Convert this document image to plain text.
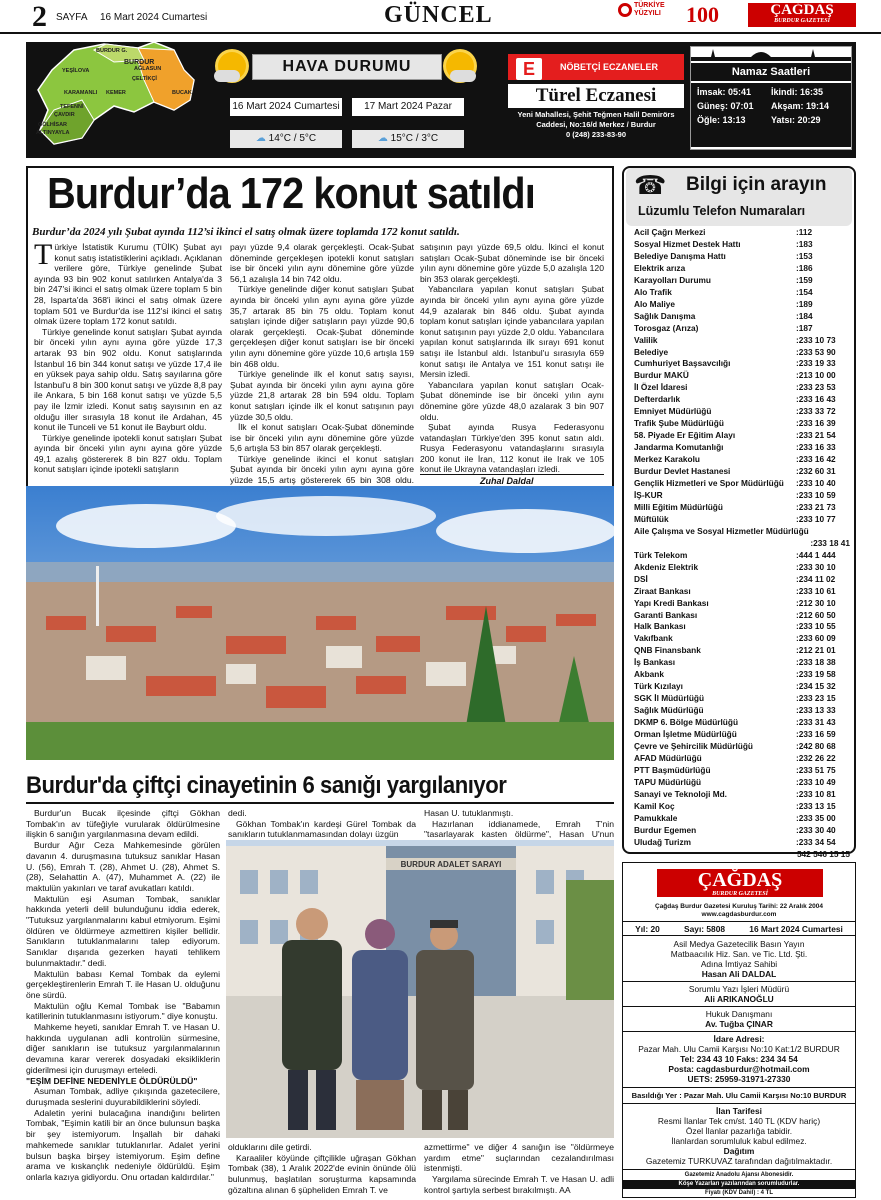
2 SAYFA 16 Mart 2024 Cumartesi	GÜNCEL	TÜRKİYE YÜZYILI	100	ÇAĞDAŞ
BURDUR GAZETESİ
BURDUR G.
YEŞİLOVA
BURDUR
AĞLASUN
ÇELTİKÇİ
KARAMANLI KEMER	BUCAK
TEFENNİ
ÇAVDIR
GÖLHİSAR
ALTINYAYLA
HAVA DURUMU
16 Mart 2024 Cumartesi	17 Mart 2024 Pazar
☁ 14°C / 5°C	☁ 15°C / 3°C
E	NÖBETÇİ ECZANELER
Türel Eczanesi
Yeni Mahallesi, Şehit Teğmen Halil Demirörs
Caddesi, No:16/d Merkez / Burdur
0 (248) 233-83-90
Namaz Saatleri
İmsak: 05:41 İkindi: 16:35
Güneş: 07:01 Akşam: 19:14
Öğle: 13:13	Yatsı: 20:29
Burdur’da 172 konut satıldı
Burdur’da 2024 yılı Şubat ayında 112’si ikinci el satış olmak üzere toplamda 172 konut satıldı.

Türkiye İstatistik Kurumu (TÜİK) Şubat ayı konut satış istatistiklerini açıkladı. Açıklanan verilere göre, Türkiye genelinde Şubat ayında 93 bin 902 konut satılırken Antalya'da 3 bin 247'si ikinci el satış olmak üzere toplam 5 bin 28, Isparta'da 368'i ikinci el satış olmak üzere toplam 501 ve Burdur'da ise 112'si ikinci el satış olmak üzere toplam 172 konut satıldı.

Türkiye genelinde konut satışları Şubat ayında bir önceki yılın aynı ayına göre yüzde 17,3 artarak 93 bin 902 oldu. Konut satışlarında İstanbul 16 bin 344 konut satışı ve yüzde 17,4 ile en yüksek paya sahip oldu. Satış sayılarına göre İstanbul'u 8 bin 300 konut satışı ve yüzde 8,8 pay ile Ankara, 5 bin 168 konut satışı ve yüzde 5,5 pay ile İzmir izledi. Konut satış sayısının en az olduğu iller sırasıyla 18 konut ile Ardahan, 45 konut ile Tunceli ve 51 konut ile Bayburt oldu.

Türkiye genelinde ipotekli konut satışları Şubat ayında bir önceki yılın aynı ayına göre yüzde 49,1 azalış göstererek 8 bin 827 oldu. Toplam konut satışları içinde ipotekli satışların

payı yüzde 9,4 olarak gerçekleşti. Ocak-Şubat döneminde gerçekleşen ipotekli konut satışları ise bir önceki yılın aynı dönemine göre yüzde 56,1 azalışla 14 bin 742 oldu.

Türkiye genelinde diğer konut satışları Şubat ayında bir önceki yılın aynı ayına göre yüzde 35,7 artarak 85 bin 75 oldu. Toplam konut satışları içinde diğer satışların payı yüzde 90,6 olarak gerçekleşti. Ocak-Şubat döneminde gerçekleşen diğer konut satışları ise bir önceki yılın aynı dönemine göre yüzde 10,6 artışla 159 bin 468 oldu.

Türkiye genelinde ilk el konut satış sayısı, Şubat ayında bir önceki yılın aynı ayına göre yüzde 21,8 artarak 28 bin 594 oldu. Toplam konut satışları içinde ilk el konut satışının payı yüzde 30,5 oldu.

İlk el konut satışları Ocak-Şubat döneminde ise bir önceki yılın aynı dönemine göre yüzde 5,6 artışla 53 bin 857 olarak gerçekleşti.

Türkiye genelinde ikinci el konut satışları Şubat ayında bir önceki yılın aynı ayına göre yüzde 15,5 artış göstererek 65 bin 308 oldu.

satışının payı yüzde 69,5 oldu. İkinci el konut satışları Ocak-Şubat döneminde ise bir önceki yılın aynı dönemine göre yüzde 5,0 azalışla 120 bin 353 olarak gerçekleşti.

Yabancılara yapılan konut satışları Şubat ayında bir önceki yılın aynı ayına göre yüzde 44,9 azalarak bin 846 oldu. Şubat ayında toplam konut satışları içinde yabancılara yapılan konut satışının payı yüzde 2,0 oldu. Yabancılara yapılan konut satışlarında ilk sırayı 691 konut satışı ile İstanbul aldı. İstanbul'u sırasıyla 659 konut satışı ile Antalya ve 151 konut satışı ile Mersin izledi.

Yabancılara yapılan konut satışları Ocak-Şubat döneminde ise bir önceki yılın aynı dönemine göre yüzde 48,0 azalarak 3 bin 907 oldu.

Şubat ayında Rusya Federasyonu vatandaşları Türkiye'den 395 konut satın aldı. Rusya Federasyonu vatandaşlarını sırasıyla 200 konut ile İran, 112 konut ile Irak ve 105 konut ile Ukrayna vatandaşları izledi.

Zuhal Daldal
Burdur'da çiftçi cinayetinin 6 sanığı yargılanıyor

Burdur'un Bucak ilçesinde çiftçi Gökhan Tombak'ın av tüfeğiyle vurularak öldürülmesine ilişkin 6 sanığın yargılanmasına devam edildi.

Burdur Ağır Ceza Mahkemesinde görülen davanın 4. duruşmasına tutuksuz sanıklar Hasan U. (56), Emrah T. (28), Ahmet U. (28), Ahmet S. (28), Selahattin A. (47), Muhammet A. (22) ile maktulün yakınları ve taraf avukatları katıldı.

Maktulün eşi Asuman Tombak, sanıklar hakkında yeterli delil bulunduğunu iddia ederek, "Tutuksuz yargılanmalarını kabul etmiyorum. Eşimi öldüren ve öldürmeye azmettiren kişiler bellidir. Sanıkların tutuklanmalarını talep ediyorum. Sanıklar dışarıda gezerken hayati tehlikem bulunmaktadır." dedi.

Maktulün babası Kemal Tombak da eylemi gerçekleştirenlerin Emrah T. ile Hasan U. olduğunu öne sürdü.

Maktulün oğlu Kemal Tombak ise "Babamın katillerinin tutuklanmasını istiyorum." diye konuştu.

Mahkeme heyeti, sanıklar Emrah T. ve Hasan U. hakkında uygulanan adli kontrolün sürmesine, diğer sanıkların ise tutuksuz yargılanmalarının devamına karar vererek dosyadaki eksikliklerin giderilmesi için duruşmayı erteledi.

"EŞİM DEFİNE NEDENİYLE ÖLDÜRÜLDÜ"

Asuman Tombak, adliye çıkışında gazetecilere, duruşmada seslerini duyurabildiklerini söyledi.

Adaletin yerini bulacağına inandığını belirten Tombak, "Eşimin katili bir an önce bulunsun başka bir şey istemiyorum. İnşallah bir dahaki mahkemede sanıklar tutuklanırlar. Adalet yerini bulsun başka birşey istemiyorum. Eşim define arama ve kıskançlık nedeniyle öldürüldü. Eşim onlarla kazıya gidiyordu. Onu ortadan kaldırdılar."

dedi.

Gökhan Tombak'ın kardeşi Gürel Tombak da sanıkların tutuklanmamasından dolayı üzgün

Hasan U. tutuklanmıştı.

Hazırlanan iddianamede, Emrah T'nin "tasarlayarak kasten öldürme", Hasan U'nun

BURDUR ADALET SARAYI

olduklarını dile getirdi.

Karaaliler köyünde çiftçilikle uğraşan Gökhan Tombak (38), 1 Aralık 2022'de evinin önünde ölü bulunmuş, başlatılan soruşturma kapsamında gözaltına alınan 6 şüpheliden Emrah T. ve

azmettirme" ve diğer 4 sanığın ise "öldürmeye yardım etme" suçlarından cezalandırılması istenmişti.

Yargılama sürecinde Emrah T. ve Hasan U. adli kontrol şartıyla serbest bırakılmıştı. AA

☎	Bilgi için arayın
Lüzumlu Telefon Numaraları
Acil Çağrı Merkezi	:112
Sosyal Hizmet Destek Hattı	:183
Belediye Danışma Hattı	:153
Elektrik arıza	:186
Karayolları Durumu	:159
Alo Trafik	:154
Alo Maliye	:189
Sağlık Danışma	:184
Torosgaz (Arıza)	:187
Valilik	:233 10 73
Belediye	:233 53 90
Cumhuriyet Başsavcılığı	:233 19 33
Burdur MAKÜ	:213 10 00
İl Özel İdaresi	:233 23 53
Defterdarlık	:233 16 43
Emniyet Müdürlüğü	:233 33 72
Trafik Şube Müdürlüğü	:233 16 39
58. Piyade Er Eğitim Alayı	:233 21 54
Jandarma Komutanlığı	:233 16 33
Merkez Karakolu	:233 16 42
Burdur Devlet Hastanesi	:232 60 31
Gençlik Hizmetleri ve Spor Müdürlüğü	:233 10 40
İŞ-KUR	:233 10 59
Milli Eğitim Müdürlüğü	:233 21 73
Müftülük	:233 10 77
Aile Çalışma ve Sosyal Hizmetler Müdürlüğü
:233 18 41
Türk Telekom	:444 1 444
Akdeniz Elektrik	:233 30 10
DSİ	:234 11 02
Ziraat Bankası	:233 10 61
Yapı Kredi Bankası	:212 30 10
Garanti Bankası	:212 60 50
Halk Bankası	:233 10 55
Vakıfbank	:233 60 09
QNB Finansbank	:212 21 01
İş Bankası	:233 18 38
Akbank	:233 19 58
Türk Kızılayı	:234 15 32
SGK İl Müdürlüğü	:233 23 15
Sağlık Müdürlüğü	:233 13 33
DKMP 6. Bölge Müdürlüğü	:233 31 43
Orman İşletme Müdürlüğü	:233 16 59
Çevre ve Şehircilik Müdürlüğü	:242 80 68
AFAD Müdürlüğü	:232 26 22
PTT Başmüdürlüğü	:233 51 75
TAPU Müdürlüğü	:233 10 49
Sanayi ve Teknoloji Md.	:233 10 81
Kamil Koç	:233 13 15
Pamukkale	:233 35 00
Burdur Egemen	:233 30 40
Uludağ Turizm	:233 34 54
542 546 15 15
ÇAĞDAŞ
BURDUR GAZETESİ
Çağdaş Burdur Gazetesi Kuruluş Tarihi: 22 Aralık 2004
www.cagdasburdur.com
Yıl: 20	Sayı: 5808	16 Mart 2024 Cumartesi
Asil Medya Gazetecilik Basın Yayın
Matbaacılık Hiz. San. ve Tic. Ltd. Şti.
Adına İmtiyaz Sahibi
Hasan Ali DALDAL
Sorumlu Yazı İşleri Müdürü
Ali ARIKANOĞLU
Hukuk Danışmanı
Av. Tuğba ÇINAR
İdare Adresi:
Pazar Mah. Ulu Camii Karşısı No:10 Kat:1/2 BURDUR
Tel: 234 43 10 Faks: 234 34 54
Posta: cagdasburdur@hotmail.com
UETS: 25959-31971-27330
Basıldığı Yer : Pazar Mah. Ulu Camii Karşısı No:10 BURDUR
İlan Tarifesi
Resmi İlanlar Tek cm/st. 140 TL (KDV hariç)
Özel İlanlar pazarlığa tabidir.
İlanlardan sorumluluk kabul edilmez.
Dağıtım
Gazetemiz TURKUVAZ tarafından dağıtılmaktadır.
Gazetemiz Anadolu Ajansı Abonesidir.
Köşe Yazarları yazılarından sorumludurlar.
Fiyatı (KDV Dahil) : 4 TL
